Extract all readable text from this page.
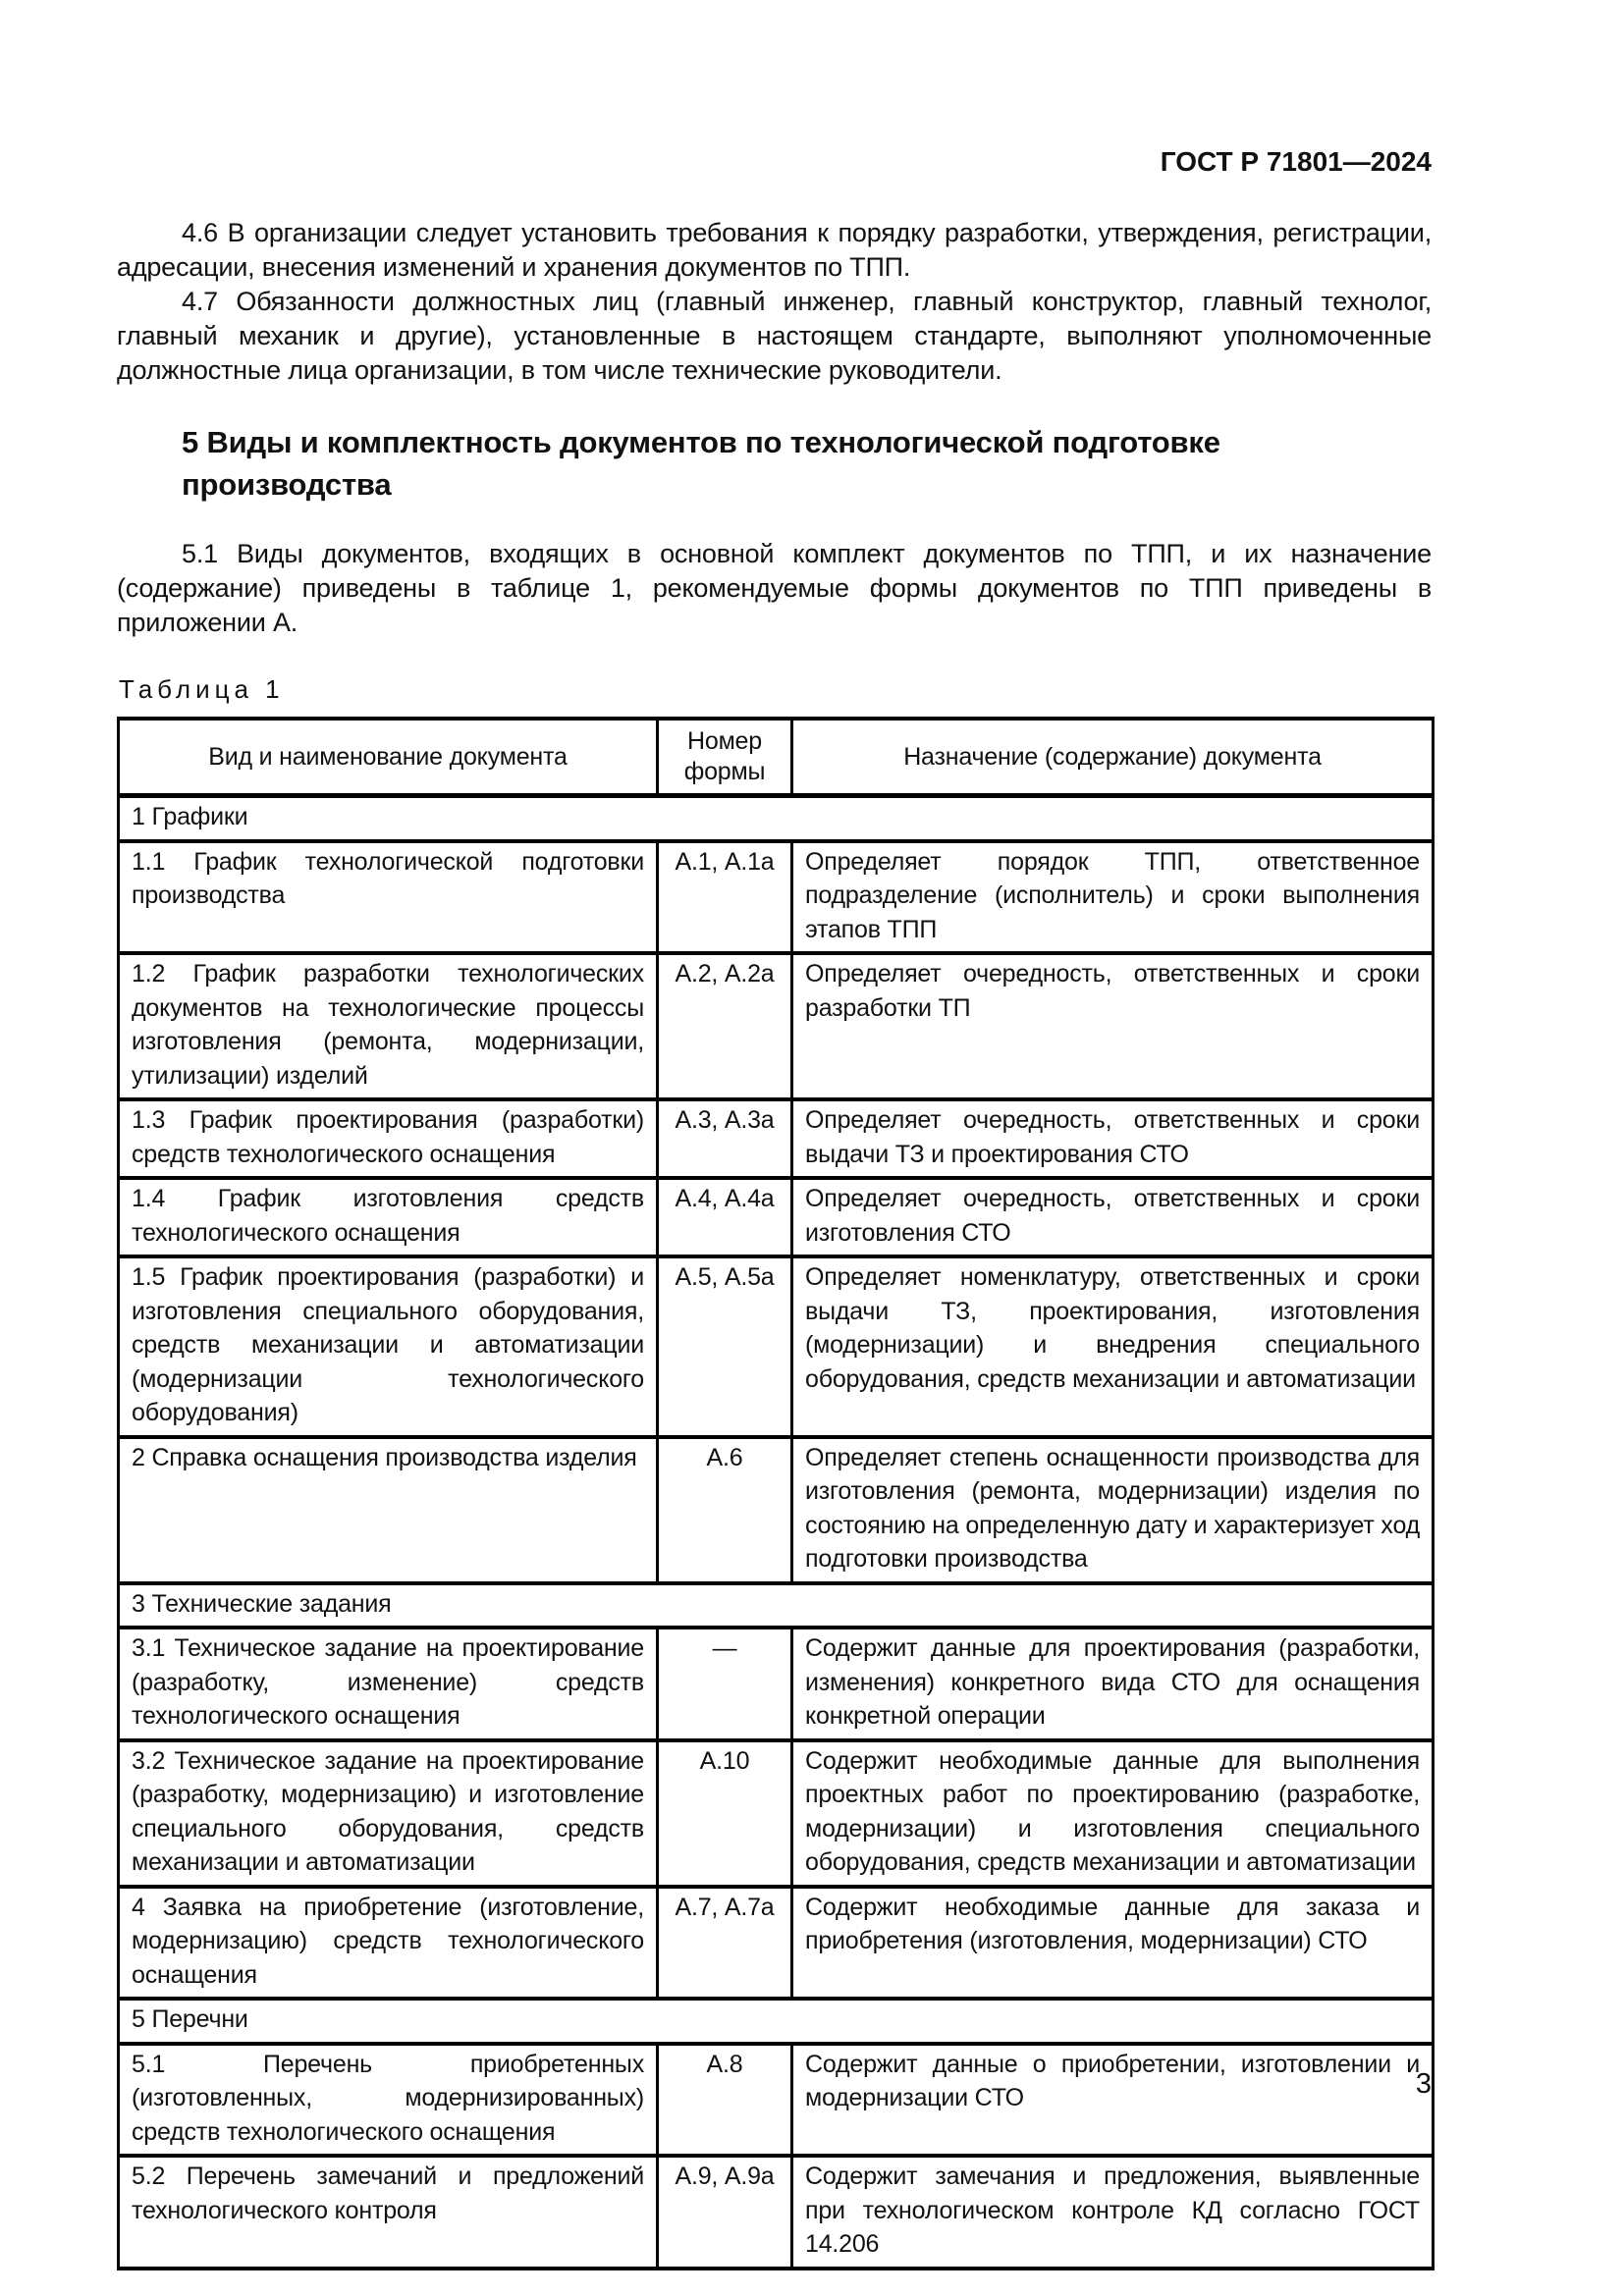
ГОСТ Р 71801—2024

4.6 В организации следует установить требования к порядку разработки, утверждения, регистрации, адресации, внесения изменений и хранения документов по ТПП.

4.7 Обязанности должностных лиц (главный инженер, главный конструктор, главный технолог, главный механик и другие), установленные в настоящем стандарте, выполняют уполномоченные должностные лица организации, в том числе технические руководители.

5 Виды и комплектность документов по технологической подготовке производства

5.1 Виды документов, входящих в основной комплект документов по ТПП, и их назначение (содержание) приведены в таблице 1, рекомендуемые формы документов по ТПП приведены в приложении А.

Таблица 1
Вид и наименование документа	Номер формы	Назначение (содержание) документа
1 Графики		
1.1 График технологической подготовки производства	А.1, А.1а	Определяет порядок ТПП, ответственное подразделение (исполнитель) и сроки выполнения этапов ТПП
1.2 График разработки технологических документов на технологические процессы изготовления (ремонта, модернизации, утилизации) изделий	А.2, А.2а	Определяет очередность, ответственных и сроки разработки ТП
1.3 График проектирования (разработки) средств технологического оснащения	А.3, А.3а	Определяет очередность, ответственных и сроки выдачи ТЗ и проектирования СТО
1.4 График изготовления средств технологического оснащения	А.4, А.4а	Определяет очередность, ответственных и сроки изготовления СТО
1.5 График проектирования (разработки) и изготовления специального оборудования, средств механизации и автоматизации (модернизации технологического оборудования)	А.5, А.5а	Определяет номенклатуру, ответственных и сроки выдачи ТЗ, проектирования, изготовления (модернизации) и внедрения специального оборудования, средств механизации и автоматизации
2 Справка оснащения производства изделия	А.6	Определяет степень оснащенности производства для изготовления (ремонта, модернизации) изделия по состоянию на определенную дату и характеризует ход подготовки производства
3 Технические задания		
3.1 Техническое задание на проектирование (разработку, изменение) средств технологического оснащения	—	Содержит данные для проектирования (разработки, изменения) конкретного вида СТО для оснащения конкретной операции
3.2 Техническое задание на проектирование (разработку, модернизацию) и изготовление специального оборудования, средств механизации и автоматизации	А.10	Содержит необходимые данные для выполнения проектных работ по проектированию (разработке, модернизации) и изготовления специального оборудования, средств механизации и автоматизации
4 Заявка на приобретение (изготовление, модернизацию) средств технологического оснащения	А.7, А.7а	Содержит необходимые данные для заказа и приобретения (изготовления, модернизации) СТО
5 Перечни		
5.1 Перечень приобретенных (изготовленных, модернизированных) средств технологического оснащения	А.8	Содержит данные о приобретении, изготовлении и модернизации СТО
5.2 Перечень замечаний и предложений технологического контроля	А.9, А.9а	Содержит замечания и предложения, выявленные при технологическом контроле КД согласно ГОСТ 14.206
3
